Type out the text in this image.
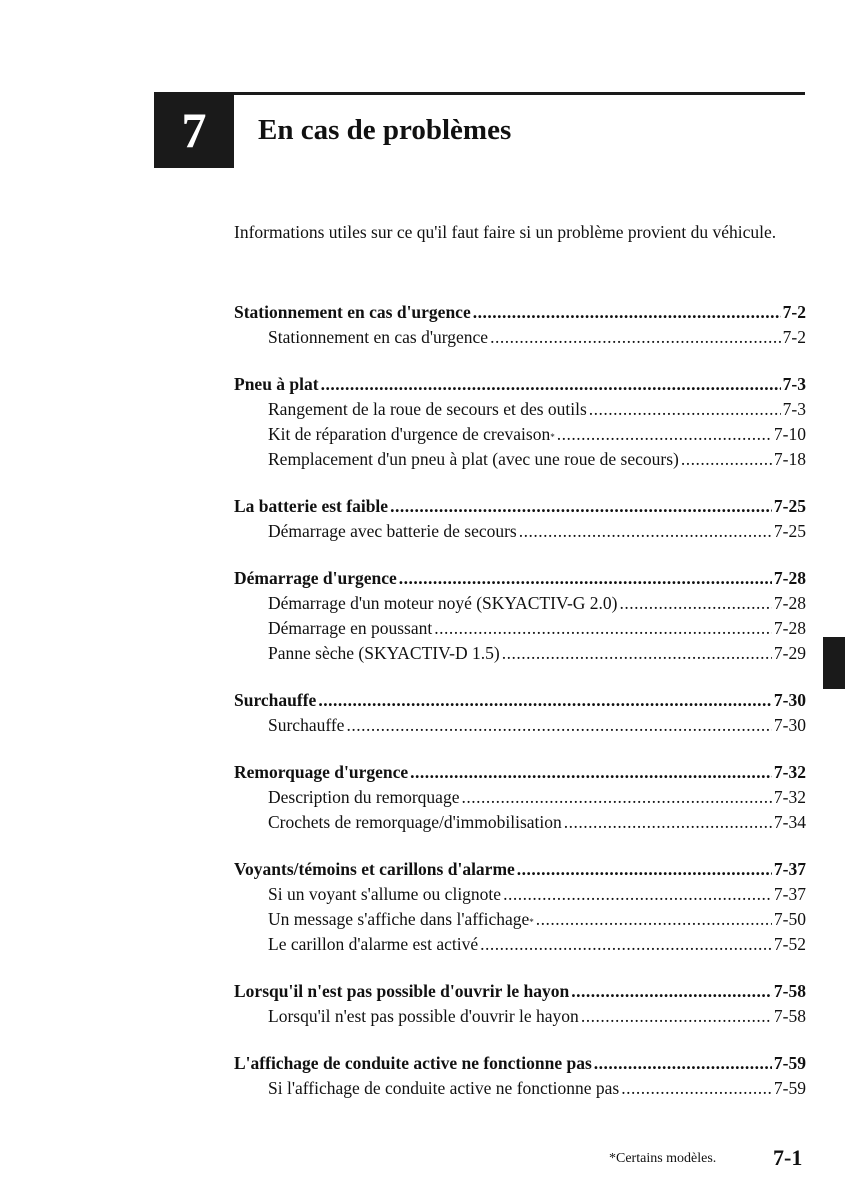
7	En cas de problèmes
Informations utiles sur ce qu'il faut faire si un problème provient du véhicule.
Stationnement en cas d'urgence .....	7-2
Stationnement en cas d'urgence .....	7-2
Pneu à plat .....	7-3
Rangement de la roue de secours et des outils .....	7-3
Kit de réparation d'urgence de crevaison * .....	7-10
Remplacement d'un pneu à plat (avec une roue de secours) .....	7-18
La batterie est faible .....	7-25
Démarrage avec batterie de secours .....	7-25
Démarrage d'urgence .....	7-28
Démarrage d'un moteur noyé (SKYACTIV-G 2.0) .....	7-28
Démarrage en poussant .....	7-28
Panne sèche (SKYACTIV-D 1.5) .....	7-29
Surchauffe .....	7-30
Surchauffe .....	7-30
Remorquage d'urgence .....	7-32
Description du remorquage .....	7-32
Crochets de remorquage/d'immobilisation .....	7-34
Voyants/témoins et carillons d'alarme .....	7-37
Si un voyant s'allume ou clignote .....	7-37
Un message s'affiche dans l'affichage * .....	7-50
Le carillon d'alarme est activé .....	7-52
Lorsqu'il n'est pas possible d'ouvrir le hayon .....	7-58
Lorsqu'il n'est pas possible d'ouvrir le hayon .....	7-58
L'affichage de conduite active ne fonctionne pas .....	7-59
Si l'affichage de conduite active ne fonctionne pas .....	7-59
*Certains modèles.	7-1
